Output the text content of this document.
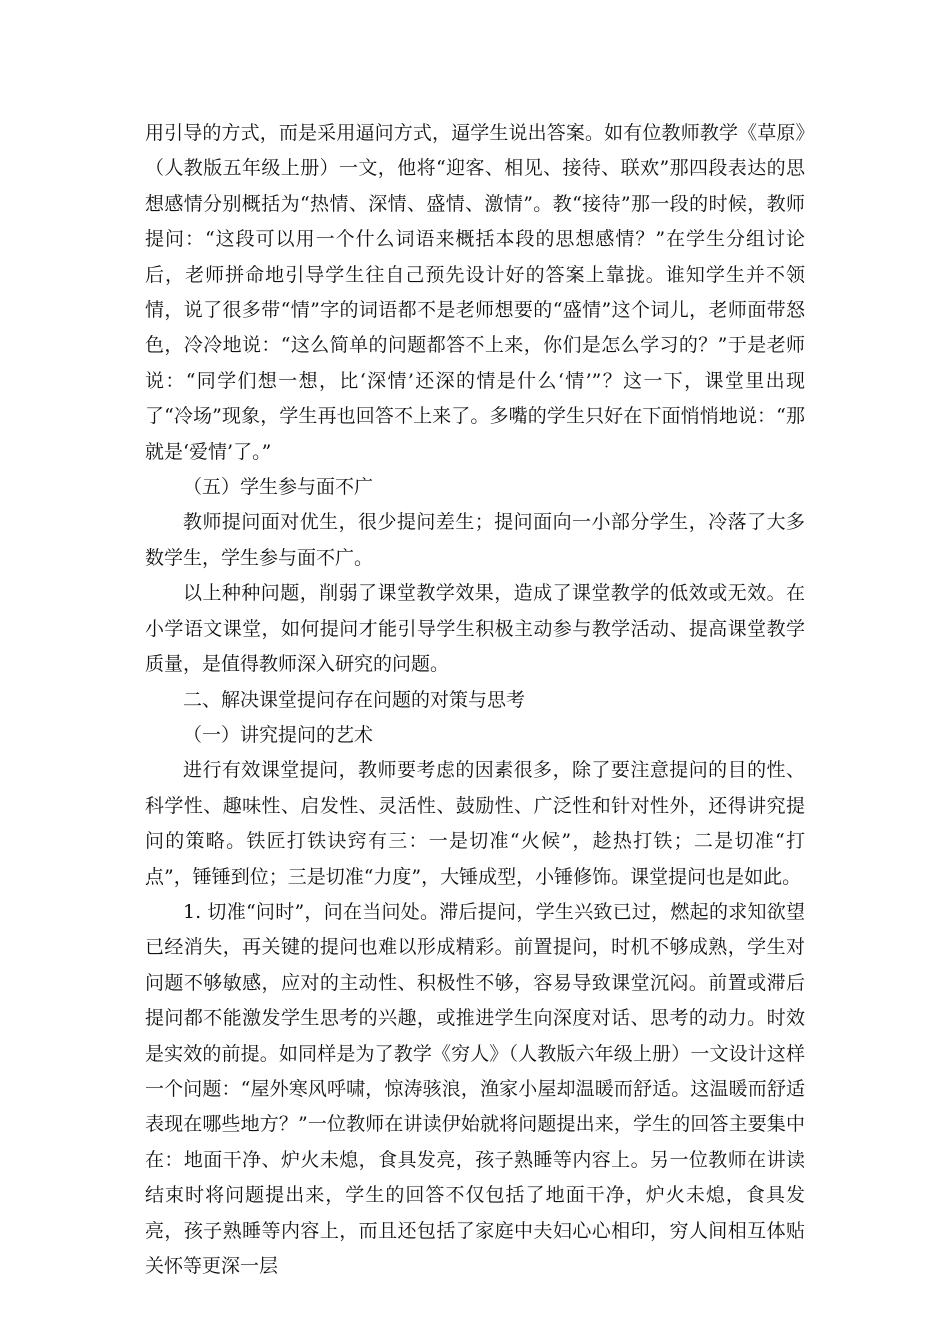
用引导的方式，而是采用逼问方式，逼学生说出答案。如有位教师教学《草原》（人教版五年级上册）一文，他将“迎客、相见、接待、联欢”那四段表达的思想感情分别概括为“热情、深情、盛情、激情”。教“接待”那一段的时候，教师提问：“这段可以用一个什么词语来概括本段的思想感情？”在学生分组讨论后，老师拼命地引导学生往自己预先设计好的答案上靠拢。谁知学生并不领情，说了很多带“情”字的词语都不是老师想要的“盛情”这个词儿，老师面带怒色，冷冷地说：“这么简单的问题都答不上来，你们是怎么学习的？”于是老师说：“同学们想一想，比‘深情’还深的情是什么‘情’”？这一下，课堂里出现了“冷场”现象，学生再也回答不上来了。多嘴的学生只好在下面悄悄地说：“那就是‘爱情’了。”

（五）学生参与面不广

教师提问面对优生，很少提问差生；提问面向一小部分学生，冷落了大多数学生，学生参与面不广。

以上种种问题，削弱了课堂教学效果，造成了课堂教学的低效或无效。在小学语文课堂，如何提问才能引导学生积极主动参与教学活动、提高课堂教学质量，是值得教师深入研究的问题。

二、解决课堂提问存在问题的对策与思考

（一）讲究提问的艺术

进行有效课堂提问，教师要考虑的因素很多，除了要注意提问的目的性、科学性、趣味性、启发性、灵活性、鼓励性、广泛性和针对性外，还得讲究提问的策略。铁匠打铁诀窍有三：一是切准“火候”，趁热打铁；二是切准“打点”，锤锤到位；三是切准“力度”，大锤成型，小锤修饰。课堂提问也是如此。

1. 切准“问时”，问在当问处。滞后提问，学生兴致已过，燃起的求知欲望已经消失，再关键的提问也难以形成精彩。前置提问，时机不够成熟，学生对问题不够敏感，应对的主动性、积极性不够，容易导致课堂沉闷。前置或滞后提问都不能激发学生思考的兴趣，或推进学生向深度对话、思考的动力。时效是实效的前提。如同样是为了教学《穷人》（人教版六年级上册）一文设计这样一个问题：“屋外寒风呼啸，惊涛骇浪，渔家小屋却温暖而舒适。这温暖而舒适表现在哪些地方？”一位教师在讲读伊始就将问题提出来，学生的回答主要集中在：地面干净、炉火未熄，食具发亮，孩子熟睡等内容上。另一位教师在讲读结束时将问题提出来，学生的回答不仅包括了地面干净，炉火未熄，食具发亮，孩子熟睡等内容上，而且还包括了家庭中夫妇心心相印，穷人间相互体贴关怀等更深一层
